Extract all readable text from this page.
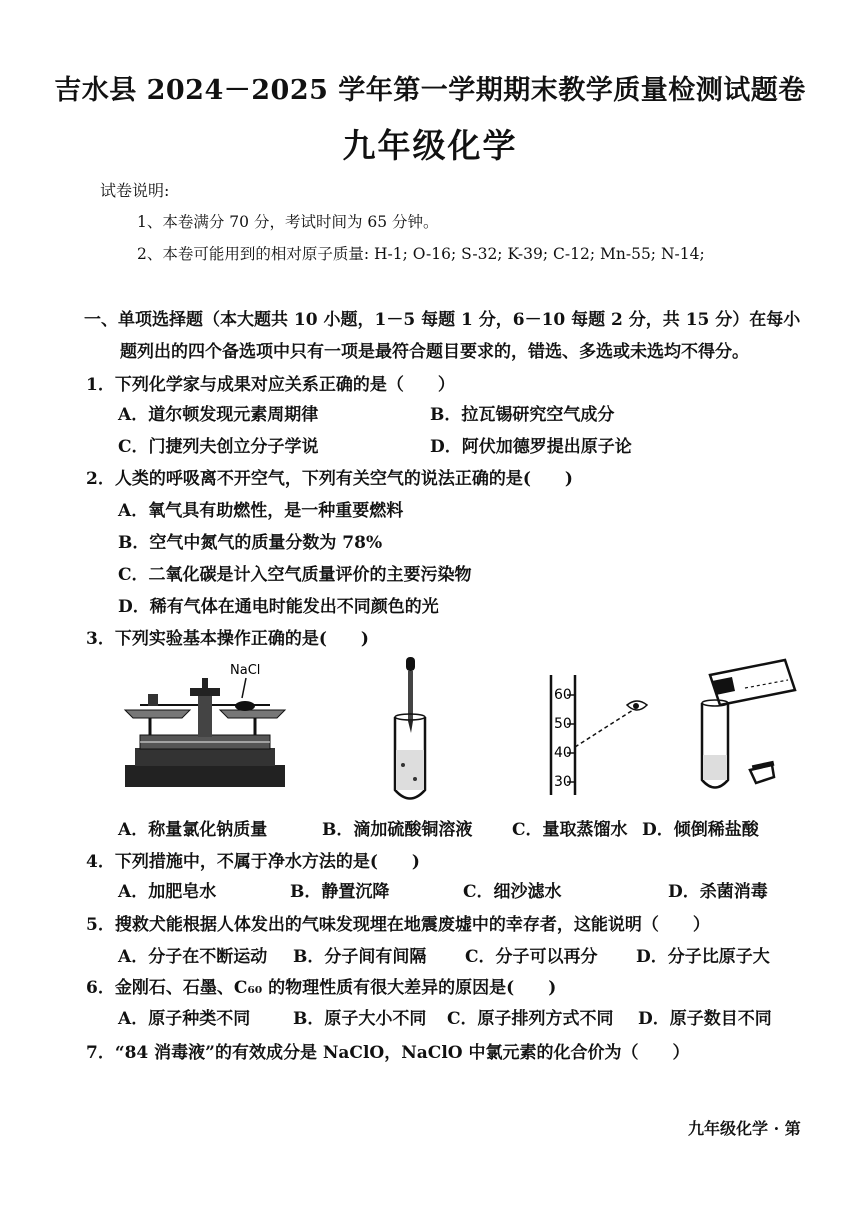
吉水县 2024－2025 学年第一学期期末教学质量检测试题卷
九年级化学
试卷说明:
1、本卷满分 70 分，考试时间为 65 分钟。
2、本卷可能用到的相对原子质量: H-1; O-16; S-32; K-39; C-12; Mn-55; N-14;
一、单项选择题（本大题共 10 小题，1－5 每题 1 分，6－10 每题 2 分，共 15 分）在每小
题列出的四个备选项中只有一项是最符合题目要求的，错选、多选或未选均不得分。
1．下列化学家与成果对应关系正确的是（　　）
A．道尔顿发现元素周期律	B．拉瓦锡研究空气成分
C．门捷列夫创立分子学说	D．阿伏加德罗提出原子论
2．人类的呼吸离不开空气，下列有关空气的说法正确的是(　　)
A．氧气具有助燃性，是一种重要燃料
B．空气中氮气的质量分数为 78%
C．二氧化碳是计入空气质量评价的主要污染物
D．稀有气体在通电时能发出不同颜色的光
3．下列实验基本操作正确的是(　　)
NaCl
60
50
40
30
A．称量氯化钠质量	B．滴加硫酸铜溶液 C．量取蒸馏水 D．倾倒稀盐酸
4．下列措施中，不属于净水方法的是(　　)
A．加肥皂水	B．静置沉降	C．细沙滤水	D．杀菌消毒
5．搜救犬能根据人体发出的气味发现埋在地震废墟中的幸存者，这能说明（　　）
A．分子在不断运动 B．分子间有间隔 C．分子可以再分 D．分子比原子大
6．金刚石、石墨、C₆₀ 的物理性质有很大差异的原因是(　　)
A．原子种类不同	B．原子大小不同 C．原子排列方式不同 D．原子数目不同
7．“84 消毒液”的有效成分是 NaClO，NaClO 中氯元素的化合价为（　　）
九年级化学 · 第
